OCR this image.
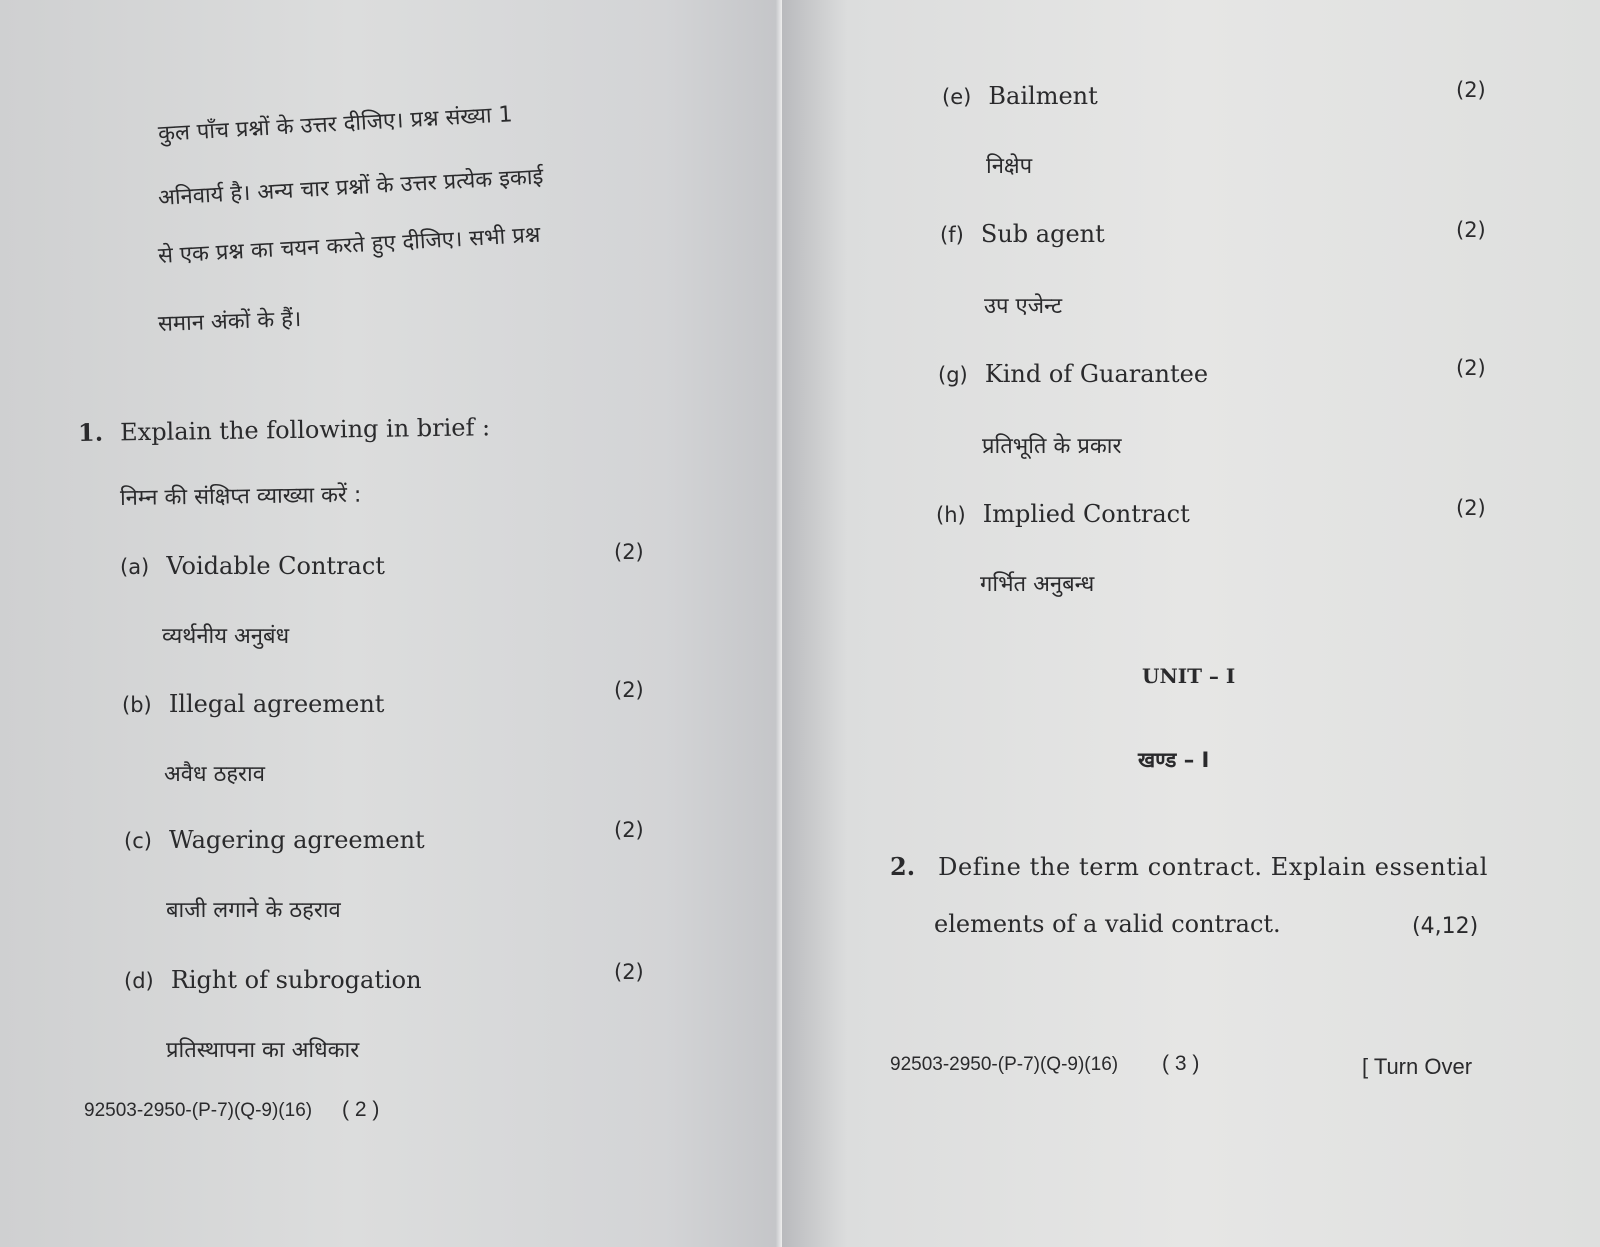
कुल पाँच प्रश्नों के उत्तर दीजिए। प्रश्न संख्या 1
अनिवार्य है। अन्य चार प्रश्नों के उत्तर प्रत्येक इकाई
से एक प्रश्न का चयन करते हुए दीजिए। सभी प्रश्न
समान अंकों के हैं।
1. Explain the following in brief :
निम्न की संक्षिप्त व्याख्या करें :
(a) Voidable Contract	(2)
व्यर्थनीय अनुबंध
(b) Illegal agreement	(2)
अवैध ठहराव
(c) Wagering agreement	(2)
बाजी लगाने के ठहराव
(d) Right of subrogation	(2)
प्रतिस्थापना का अधिकार
92503-2950-(P-7)(Q-9)(16) ( 2 )
(e) Bailment	(2)
निक्षेप
(f) Sub agent	(2)
उप एजेन्ट
(g) Kind of Guarantee	(2)
प्रतिभूति के प्रकार
(h) Implied Contract	(2)
गर्भित अनुबन्ध
UNIT – I
खण्ड – I
2. Define the term contract. Explain essential
elements of a valid contract.	(4,12)
92503-2950-(P-7)(Q-9)(16) ( 3 )	[ Turn Over
